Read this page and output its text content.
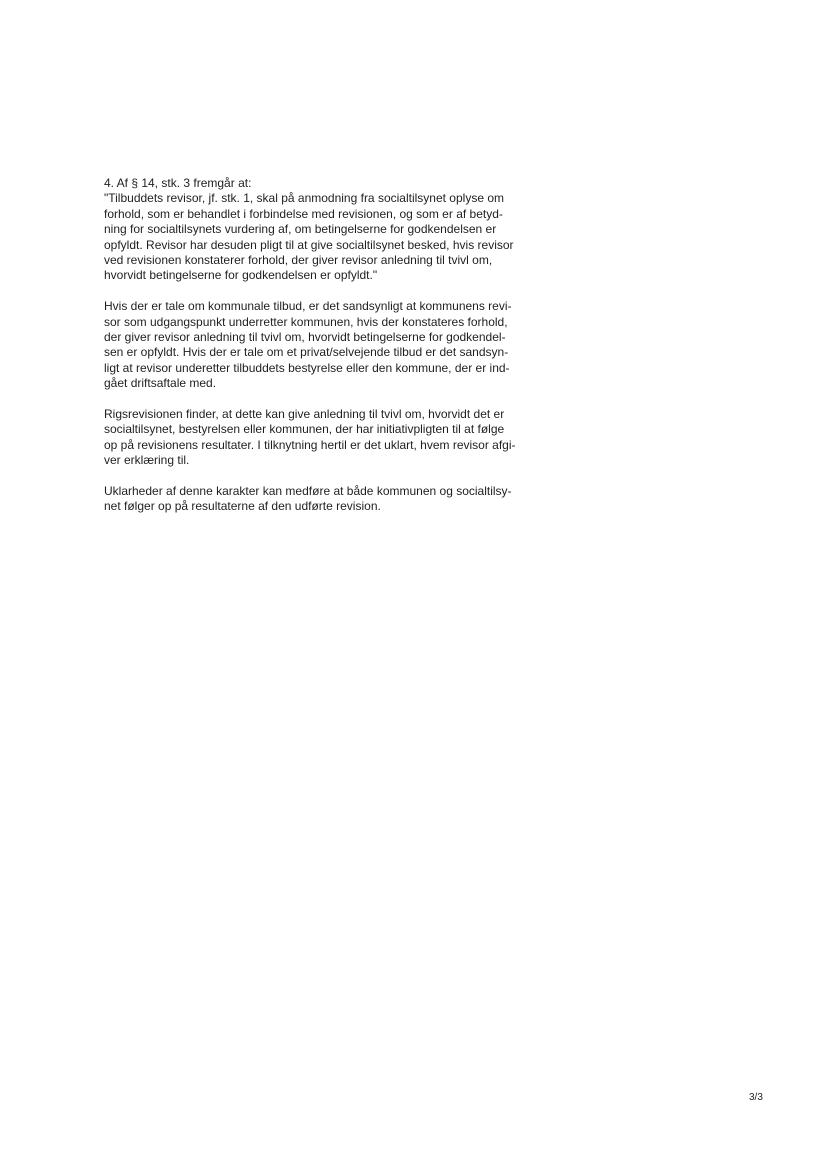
4. Af § 14, stk. 3 fremgår at:
"Tilbuddets revisor, jf. stk. 1, skal på anmodning fra socialtilsynet oplyse om
forhold, som er behandlet i forbindelse med revisionen, og som er af betyd-
ning for socialtilsynets vurdering af, om betingelserne for godkendelsen er
opfyldt. Revisor har desuden pligt til at give socialtilsynet besked, hvis revisor
ved revisionen konstaterer forhold, der giver revisor anledning til tvivl om,
hvorvidt betingelserne for godkendelsen er opfyldt."

Hvis der er tale om kommunale tilbud, er det sandsynligt at kommunens revi-
sor som udgangspunkt underretter kommunen, hvis der konstateres forhold,
der giver revisor anledning til tvivl om, hvorvidt betingelserne for godkendel-
sen er opfyldt. Hvis der er tale om et privat/selvejende tilbud er det sandsyn-
ligt at revisor underetter tilbuddets bestyrelse eller den kommune, der er ind-
gået driftsaftale med.

Rigsrevisionen finder, at dette kan give anledning til tvivl om, hvorvidt det er
socialtilsynet, bestyrelsen eller kommunen, der har initiativpligten til at følge
op på revisionens resultater. I tilknytning hertil er det uklart, hvem revisor afgi-
ver erklæring til.

Uklarheder af denne karakter kan medføre at både kommunen og socialtilsy-
net følger op på resultaterne af den udførte revision.

3/3
